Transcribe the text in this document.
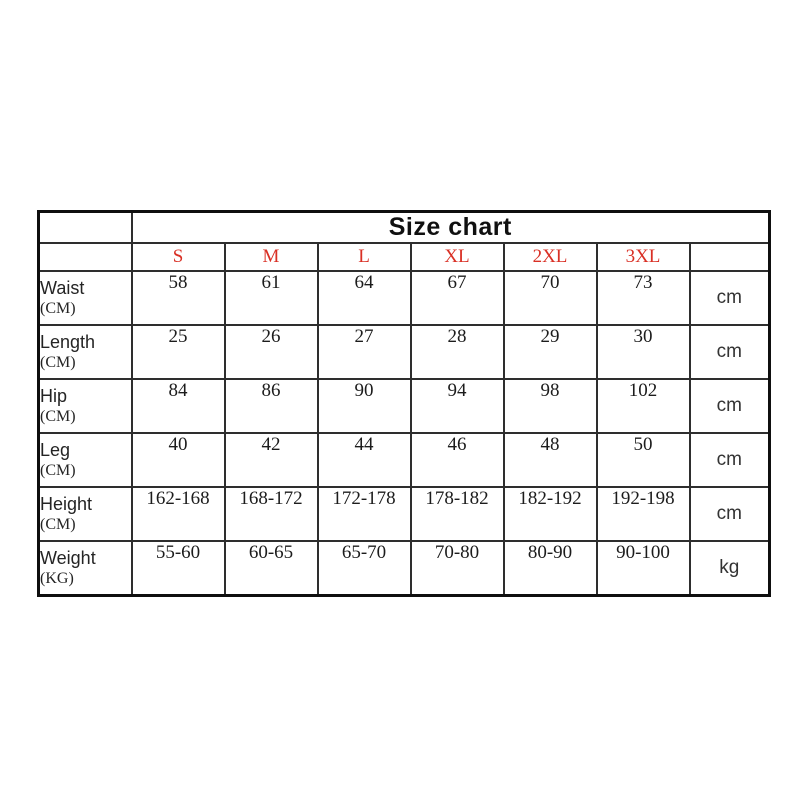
	Size chart						
	S	M	L	XL	2XL	3XL	

Waist
(CM)	58	61	64	67	70	73	cm

Length
(CM)	25	26	27	28	29	30	cm

Hip
(CM)	84	86	90	94	98	102	cm

Leg
(CM)	40	42	44	46	48	50	cm

Height
(CM)	162-168	168-172	172-178	178-182	182-192	192-198	cm

Weight
(KG)	55-60	60-65	65-70	70-80	80-90	90-100	kg
